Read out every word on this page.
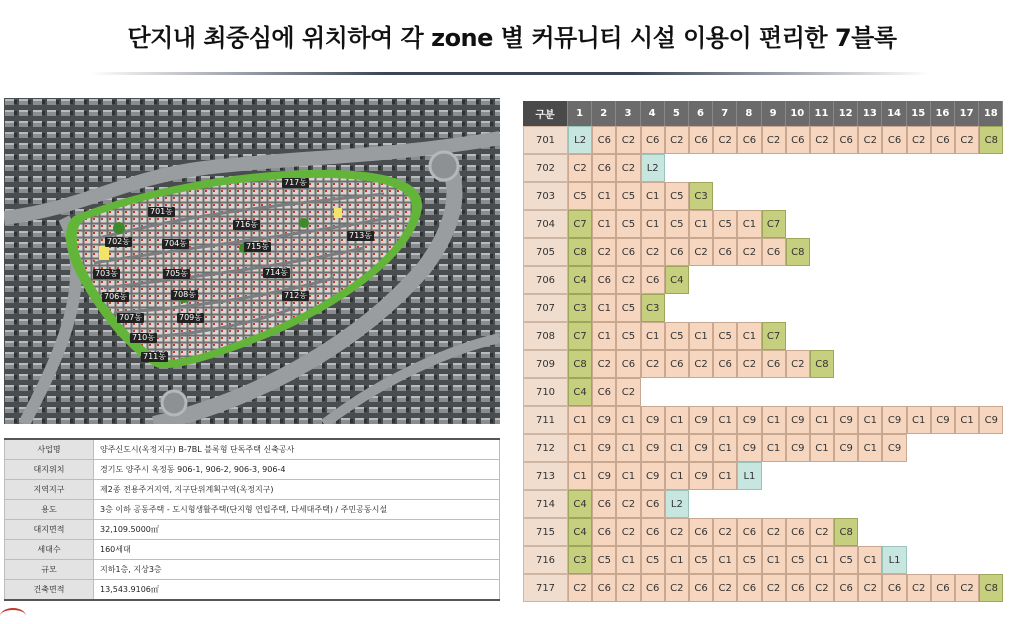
단지내 최중심에 위치하여 각 zone 별 커뮤니티 시설 이용이 편리한 7블록
717동
701동
716동
702동	704동
713동
715동
703동	705동	714동
706동	708동	712동
707동	709동
710동
711동
사업명	양주신도시(옥정지구) B-7BL 블록형 단독주택 신축공사
대지위치	경기도 양주시 옥정동 906-1, 906-2, 906-3, 906-4
지역지구	제2종 전용주거지역, 지구단위계획구역(옥정지구)
용도	3층 이하 공동주택 - 도시형생활주택(단지형 연립주택, 다세대주택) / 주민공동시설
대지면적	32,109.5000㎡
세대수	160세대
규모	지하1층, 지상3층
건축면적	13,543.9106㎡
구분	1	2	3	4	5	6	7	8	9	10	11	12	13	14	15	16	17	18
701	L2	C6	C2	C6	C2	C6	C2	C6	C2	C6	C2	C6	C2	C6	C2	C6	C2	C8
702	C2	C6	C2	L2														
703	C5	C1	C5	C1	C5	C3												
704	C7	C1	C5	C1	C5	C1	C5	C1	C7									
705	C8	C2	C6	C2	C6	C2	C6	C2	C6	C8								
706	C4	C6	C2	C6	C4													
707	C3	C1	C5	C3														
708	C7	C1	C5	C1	C5	C1	C5	C1	C7									
709	C8	C2	C6	C2	C6	C2	C6	C2	C6	C2	C8							
710	C4	C6	C2															
711	C1	C9	C1	C9	C1	C9	C1	C9	C1	C9	C1	C9	C1	C9	C1	C9	C1	C9
712	C1	C9	C1	C9	C1	C9	C1	C9	C1	C9	C1	C9	C1	C9				
713	C1	C9	C1	C9	C1	C9	C1	L1										
714	C4	C6	C2	C6	L2													
715	C4	C6	C2	C6	C2	C6	C2	C6	C2	C6	C2	C8						
716	C3	C5	C1	C5	C1	C5	C1	C5	C1	C5	C1	C5	C1	L1				
717	C2	C6	C2	C6	C2	C6	C2	C6	C2	C6	C2	C6	C2	C6	C2	C6	C2	C8
